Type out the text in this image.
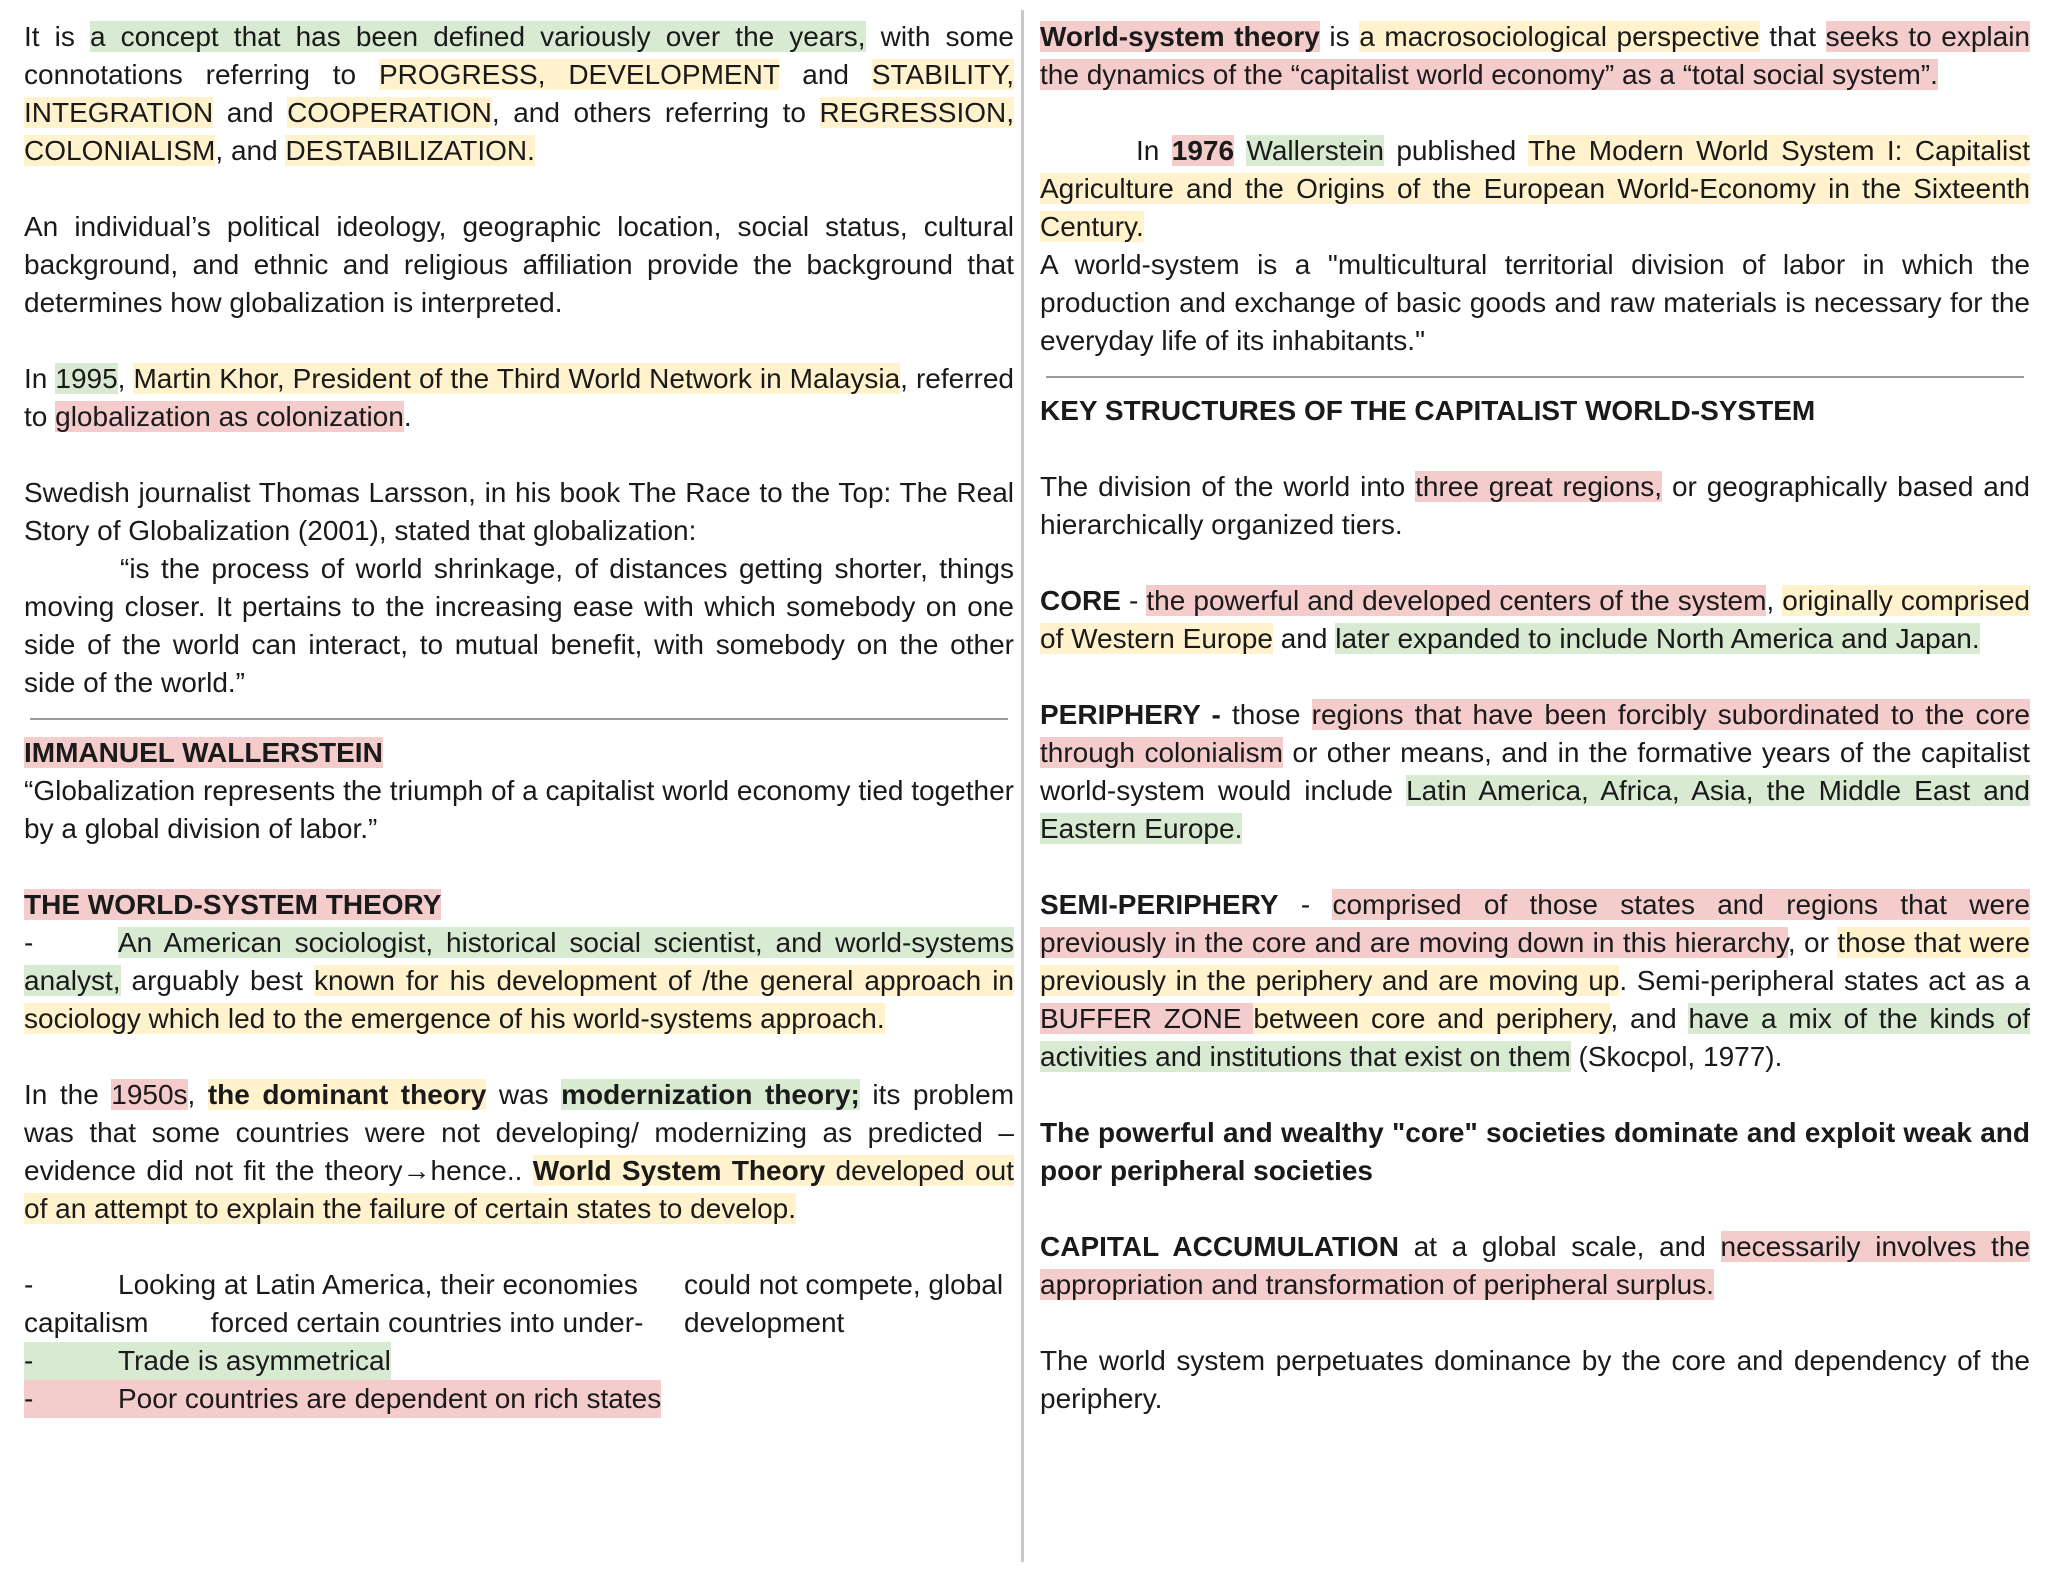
It is a concept that has been defined variously over the years, with some connotations referring to PROGRESS, DEVELOPMENT and STABILITY, INTEGRATION and COOPERATION, and others referring to REGRESSION, COLONIALISM, and DESTABILIZATION.

An individual’s political ideology, geographic location, social status, cultural background, and ethnic and religious affiliation provide the background that determines how globalization is interpreted.

In 1995, Martin Khor, President of the Third World Network in Malaysia, referred to globalization as colonization.

Swedish journalist Thomas Larsson, in his book The Race to the Top: The Real Story of Globalization (2001), stated that globalization:

“is the process of world shrinkage, of distances getting shorter, things moving closer. It pertains to the increasing ease with which somebody on one side of the world can interact, to mutual benefit, with somebody on the other side of the world.”

IMMANUEL WALLERSTEIN

“Globalization represents the triumph of a capitalist world economy tied together by a global division of labor.”

THE WORLD-SYSTEM THEORY

-	An American sociologist, historical social scientist, and world-systems analyst, arguably best known for his development of /the general approach in sociology which led to the emergence of his world-systems approach.

In the 1950s, the dominant theory was modernization theory; its problem was that some countries were not developing/ modernizing as predicted – evidence did not fit the theory→hence.. World System Theory developed out of an attempt to explain the failure of certain states to develop.

-	Looking at Latin America, their economies

capitalism        forced certain countries into under-

could not compete, global

development

-	Trade is asymmetrical

-	Poor countries are dependent on rich states

World-system theory is a macrosociological perspective that seeks to explain the dynamics of the “capitalist world economy” as a “total social system”.

In 1976 Wallerstein published The Modern World System I: Capitalist Agriculture and the Origins of the European World-Economy in the Sixteenth Century.

A world-system is a "multicultural territorial division of labor in which the production and exchange of basic goods and raw materials is necessary for the everyday life of its inhabitants."

KEY STRUCTURES OF THE CAPITALIST WORLD-SYSTEM

The division of the world into three great regions, or geographically based and hierarchically organized tiers.

CORE - the powerful and developed centers of the system, originally comprised of Western Europe and later expanded to include North America and Japan.

PERIPHERY - those regions that have been forcibly subordinated to the core through colonialism or other means, and in the formative years of the capitalist world-system would include Latin America, Africa, Asia, the Middle East and Eastern Europe.

SEMI-PERIPHERY - comprised of those states and regions that were previously in the core and are moving down in this hierarchy, or those that were previously in the periphery and are moving up. Semi-peripheral states act as a BUFFER ZONE between core and periphery, and have a mix of the kinds of activities and institutions that exist on them (Skocpol, 1977).

The powerful and wealthy "core" societies dominate and exploit weak and poor peripheral societies

CAPITAL ACCUMULATION at a global scale, and necessarily involves the appropriation and transformation of peripheral surplus.

The world system perpetuates dominance by the core and dependency of the periphery.
